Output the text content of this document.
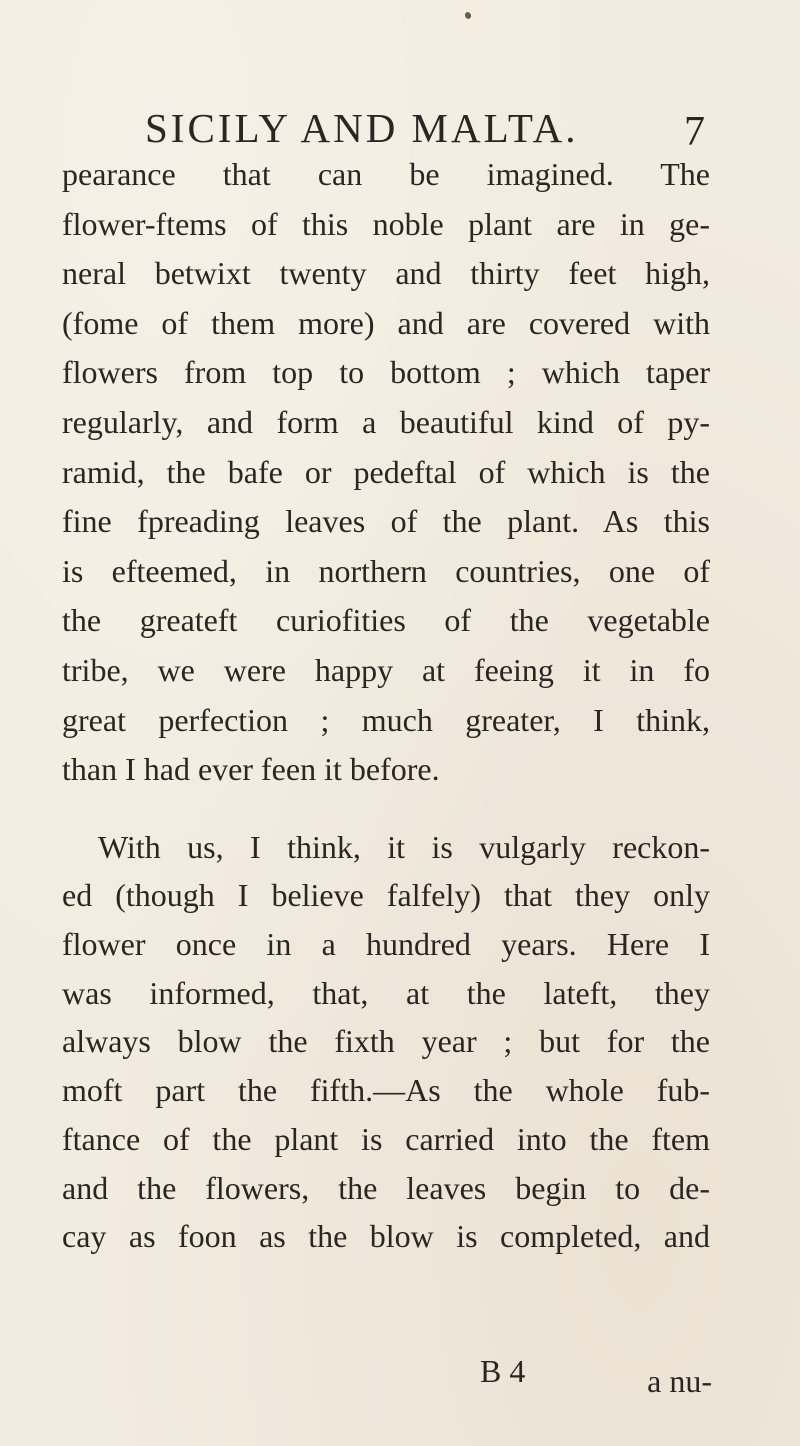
SICILY AND MALTA.	7
pearance that can be imagined. The
flower-ftems of this noble plant are in ge-
neral betwixt twenty and thirty feet high,
(fome of them more) and are covered with
flowers from top to bottom ; which taper
regularly, and form a beautiful kind of py-
ramid, the bafe or pedeftal of which is the
fine fpreading leaves of the plant. As this
is efteemed, in northern countries, one of
the greateft curiofities of the vegetable
tribe, we were happy at feeing it in fo
great perfection ; much greater, I think,
than I had ever feen it before.
With us, I think, it is vulgarly reckon-
ed (though I believe falfely) that they only
flower once in a hundred years. Here I
was informed, that, at the lateft, they
always blow the fixth year ; but for the
moft part the fifth.—As the whole fub-
ftance of the plant is carried into the ftem
and the flowers, the leaves begin to de-
cay as foon as the blow is completed, and
B 4	a nu-
